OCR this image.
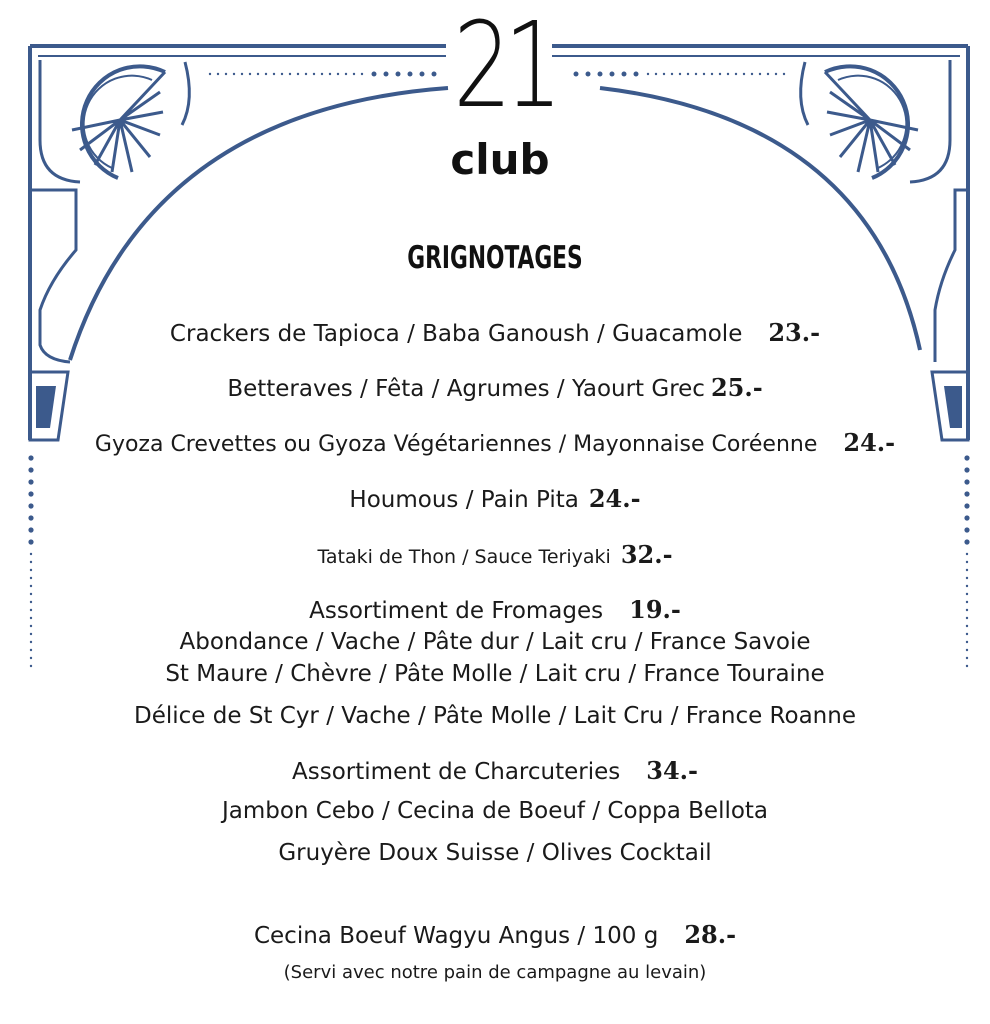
21
club
GRIGNOTAGES
Crackers de Tapioca / Baba Ganoush / Guacamole 23.-
Betteraves / Fêta / Agrumes / Yaourt Grec 25.-
Gyoza Crevettes ou Gyoza Végétariennes / Mayonnaise Coréenne 24.-
Houmous / Pain Pita 24.-
Tataki de Thon / Sauce Teriyaki 32.-
Assortiment de Fromages 19.-
Abondance / Vache / Pâte dur / Lait cru / France Savoie
St Maure / Chèvre / Pâte Molle / Lait cru / France Touraine
Délice de St Cyr / Vache / Pâte Molle / Lait Cru / France Roanne
Assortiment de Charcuteries 34.-
Jambon Cebo / Cecina de Boeuf / Coppa Bellota
Gruyère Doux Suisse / Olives Cocktail
Cecina Boeuf Wagyu Angus / 100 g 28.-
(Servi avec notre pain de campagne au levain)
